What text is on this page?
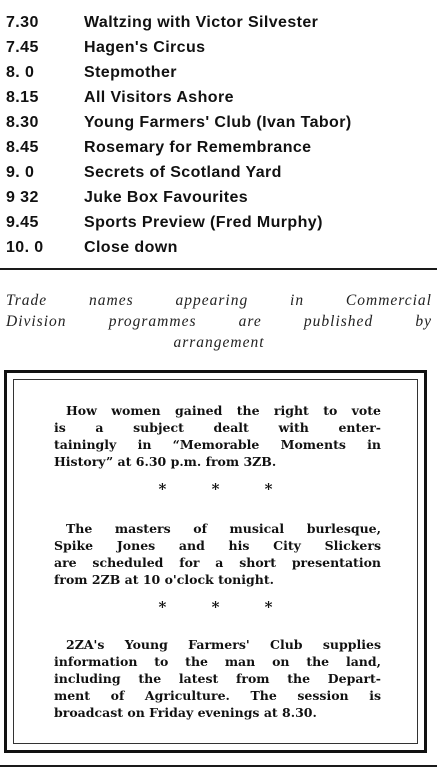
7.30	Waltzing with Victor Silvester
7.45	Hagen's Circus
8. 0	Stepmother
8.15	All Visitors Ashore
8.30	Young Farmers' Club (Ivan Tabor)
8.45	Rosemary for Remembrance
9. 0	Secrets of Scotland Yard
9 32	Juke Box Favourites
9.45	Sports Preview (Fred Murphy)
10. 0	Close down
Trade names appearing in Commercial
Division programmes are published by
arrangement
How women gained the right to vote
is a subject dealt with enter-
tainingly in “Memorable Moments in
History” at 6.30 p.m. from 3ZB.
* * *
The masters of musical burlesque,
Spike Jones and his City Slickers
are scheduled for a short presentation
from 2ZB at 10 o'clock tonight.
* * *
2ZA's Young Farmers' Club supplies
information to the man on the land,
including the latest from the Depart-
ment of Agriculture. The session is
broadcast on Friday evenings at 8.30.
